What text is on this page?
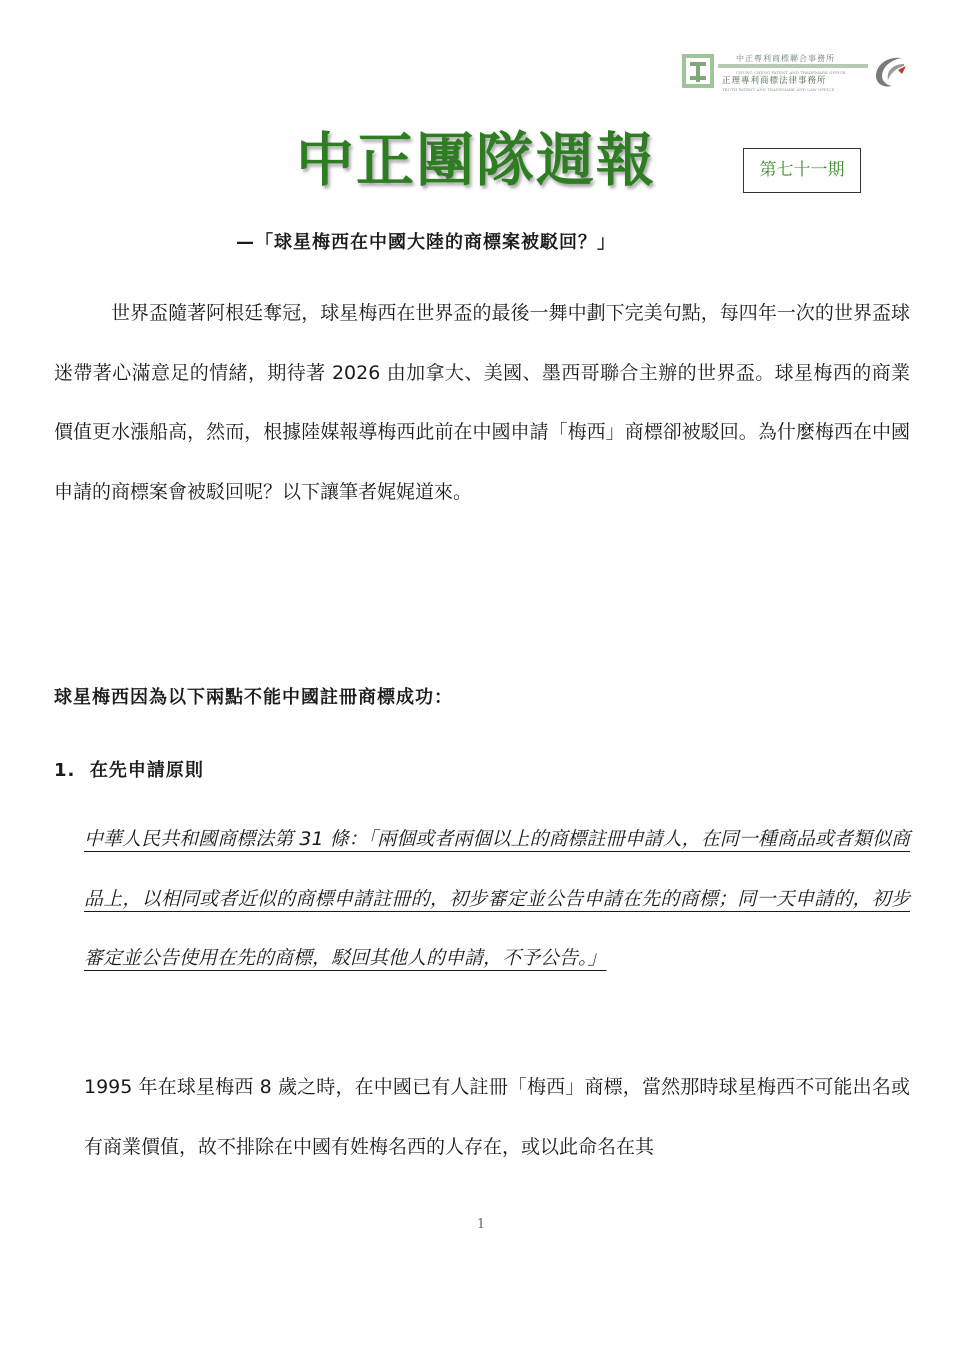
中正專利商標聯合事務所
CHUNG CHENG PATENT AND TRADEMARK OFFICE
正理專利商標法律事務所
TRUTH PATENT AND TRADEMARK AND LAW OFFICE
中正團隊週報	第七十一期
—「球星梅西在中國大陸的商標案被駁回？」
世界盃隨著阿根廷奪冠，球星梅西在世界盃的最後一舞中劃下完美句點，每四年一次的世界盃球迷帶著心滿意足的情緒，期待著 2026 由加拿大、美國、墨西哥聯合主辦的世界盃。球星梅西的商業價值更水漲船高，然而，根據陸媒報導梅西此前在中國申請「梅西」商標卻被駁回。為什麼梅西在中國申請的商標案會被駁回呢？以下讓筆者娓娓道來。
球星梅西因為以下兩點不能中國註冊商標成功：
1.  在先申請原則
中華人民共和國商標法第 31 條：「兩個或者兩個以上的商標註冊申請人，在同一種商品或者類似商品上，以相同或者近似的商標申請註冊的，初步審定並公告申請在先的商標；同一天申請的，初步審定並公告使用在先的商標，駁回其他人的申請，不予公告。」
1995 年在球星梅西 8 歲之時，在中國已有人註冊「梅西」商標，當然那時球星梅西不可能出名或有商業價值，故不排除在中國有姓梅名西的人存在，或以此命名在其
1
